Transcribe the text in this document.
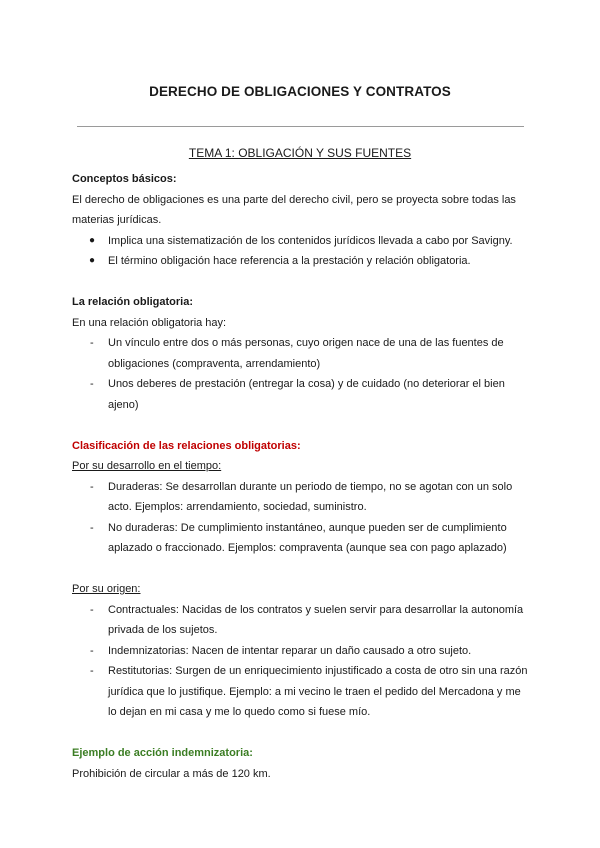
DERECHO DE OBLIGACIONES Y CONTRATOS
TEMA 1: OBLIGACIÓN Y SUS FUENTES

Conceptos básicos:

El derecho de obligaciones es una parte del derecho civil, pero se proyecta sobre todas las materias jurídicas.

● Implica una sistematización de los contenidos jurídicos llevada a cabo por Savigny.
● El término obligación hace referencia a la prestación y relación obligatoria.

La relación obligatoria:

En una relación obligatoria hay:

- Un vínculo entre dos o más personas, cuyo origen nace de una de las fuentes de obligaciones (compraventa, arrendamiento)
- Unos deberes de prestación (entregar la cosa) y de cuidado (no deteriorar el bien ajeno)

Clasificación de las relaciones obligatorias:

Por su desarrollo en el tiempo:

- Duraderas: Se desarrollan durante un periodo de tiempo, no se agotan con un solo acto. Ejemplos: arrendamiento, sociedad, suministro.
- No duraderas: De cumplimiento instantáneo, aunque pueden ser de cumplimiento aplazado o fraccionado. Ejemplos: compraventa (aunque sea con pago aplazado)

Por su origen:

- Contractuales: Nacidas de los contratos y suelen servir para desarrollar la autonomía privada de los sujetos.
- Indemnizatorias: Nacen de intentar reparar un daño causado a otro sujeto.
- Restitutorias: Surgen de un enriquecimiento injustificado a costa de otro sin una razón jurídica que lo justifique. Ejemplo: a mi vecino le traen el pedido del Mercadona y me lo dejan en mi casa y me lo quedo como si fuese mío.

Ejemplo de acción indemnizatoria:

Prohibición de circular a más de 120 km.
